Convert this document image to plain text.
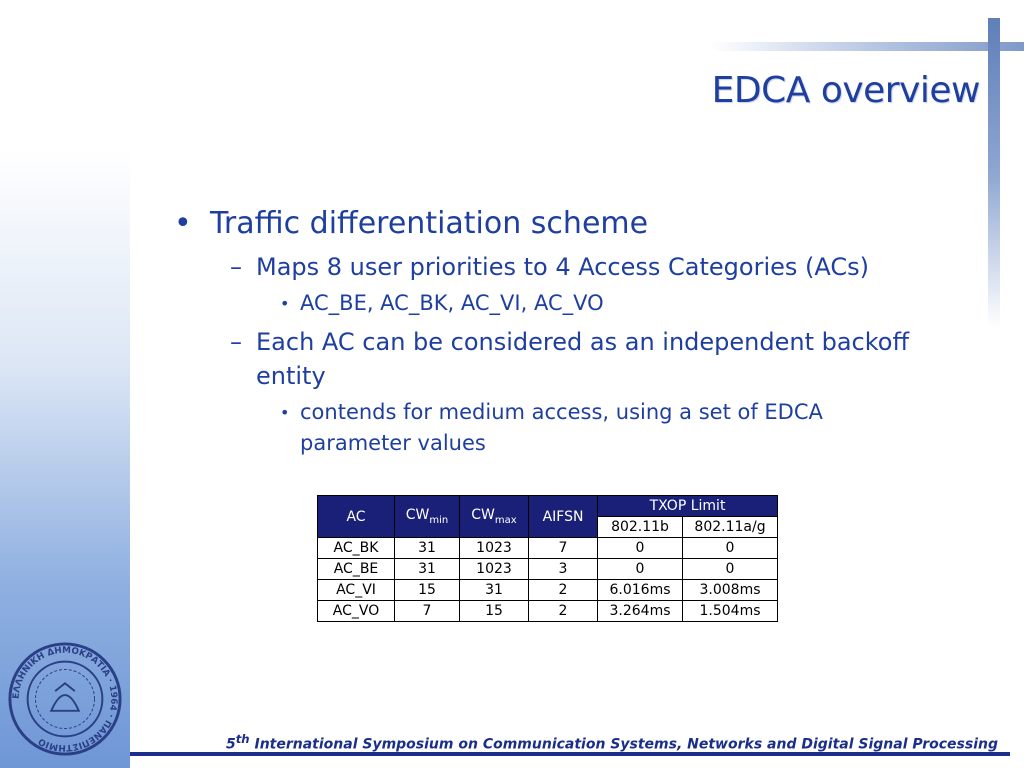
EDCA overview
• Traffic differentiation scheme
– Maps 8 user priorities to 4 Access Categories (ACs)
• AC_BE, AC_BK, AC_VI, AC_VO
– Each AC can be considered as an independent backoff entity
• contends for medium access, using a set of EDCA parameter values
AC	$CW_{min}$	$CW_{max}$	AIFSN	TXOP Limit	
				802.11b	802.11a/g
AC_BK	31	1023	7	0	0
AC_BE	31	1023	3	0	0
AC_VI	15	31	2	6.016ms	3.008ms
AC_VO	7	15	2	3.264ms	1.504ms
ΕΛΛΗΝΙΚΗ ΔΗΜΟΚΡΑΤΙΑ · 1964 · ΠΑΝΕΠΙΣΤΗΜΙΟ	5th International Symposium on Communication Systems, Networks and Digital Signal Processing
